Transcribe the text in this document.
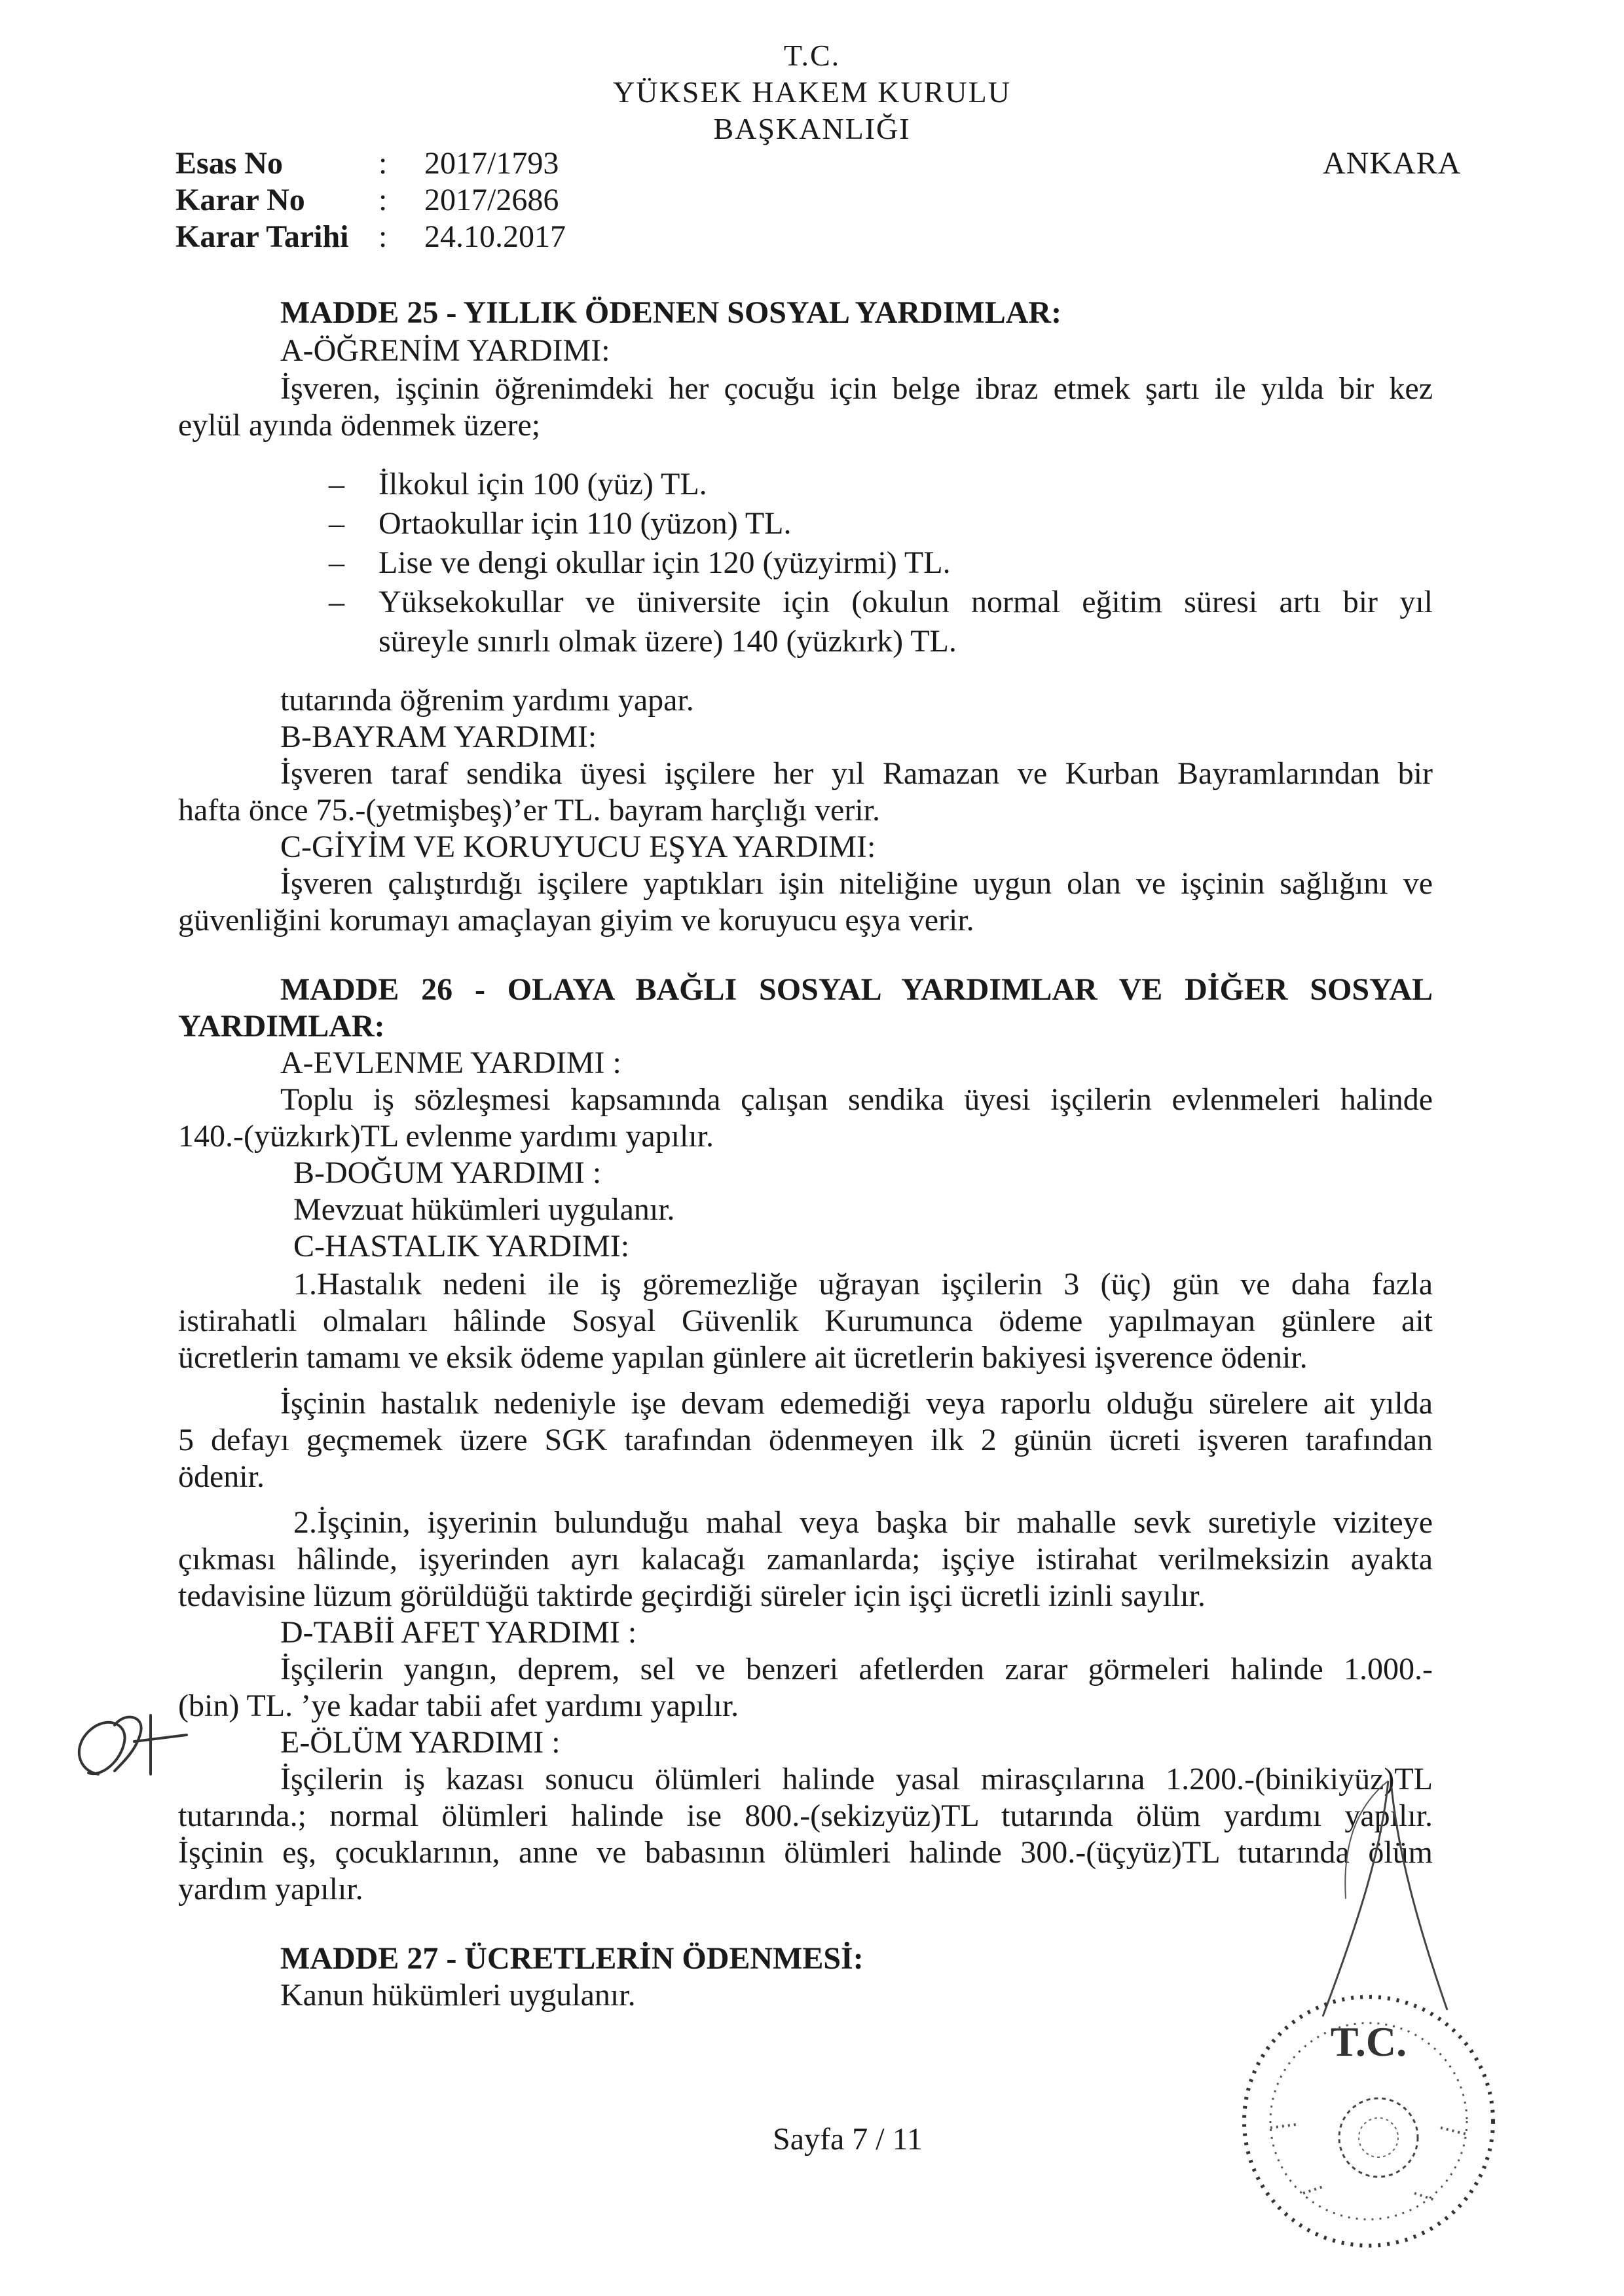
T.C.
YÜKSEK HAKEM KURULU
BAŞKANLIĞI
ANKARA
Esas No	: 2017/1793
Karar No : 2017/2686
Karar Tarihi : 24.10.2017
MADDE 25 - YILLIK ÖDENEN SOSYAL YARDIMLAR:
A-ÖĞRENİM YARDIMI:
İşveren, işçinin öğrenimdeki her çocuğu için belge ibraz etmek şartı ile yılda bir kez
eylül ayında ödenmek üzere;
– İlkokul için 100 (yüz) TL.
– Ortaokullar için 110 (yüzon) TL.
– Lise ve dengi okullar için 120 (yüzyirmi) TL.
– Yüksekokullar ve üniversite için (okulun normal eğitim süresi artı bir yıl
süreyle sınırlı olmak üzere) 140 (yüzkırk) TL.
tutarında öğrenim yardımı yapar.
B-BAYRAM YARDIMI:
İşveren taraf sendika üyesi işçilere her yıl Ramazan ve Kurban Bayramlarından bir
hafta önce 75.-(yetmişbeş)’er TL. bayram harçlığı verir.
C-GİYİM VE KORUYUCU EŞYA YARDIMI:
İşveren çalıştırdığı işçilere yaptıkları işin niteliğine uygun olan ve işçinin sağlığını ve
güvenliğini korumayı amaçlayan giyim ve koruyucu eşya verir.
MADDE 26 - OLAYA BAĞLI SOSYAL YARDIMLAR VE DİĞER SOSYAL
YARDIMLAR:
A-EVLENME YARDIMI :
Toplu iş sözleşmesi kapsamında çalışan sendika üyesi işçilerin evlenmeleri halinde
140.-(yüzkırk)TL evlenme yardımı yapılır.
B-DOĞUM YARDIMI :
Mevzuat hükümleri uygulanır.
C-HASTALIK YARDIMI:
1.Hastalık nedeni ile iş göremezliğe uğrayan işçilerin 3 (üç) gün ve daha fazla
istirahatli olmaları hâlinde Sosyal Güvenlik Kurumunca ödeme yapılmayan günlere ait
ücretlerin tamamı ve eksik ödeme yapılan günlere ait ücretlerin bakiyesi işverence ödenir.
İşçinin hastalık nedeniyle işe devam edemediği veya raporlu olduğu sürelere ait yılda
5 defayı geçmemek üzere SGK tarafından ödenmeyen ilk 2 günün ücreti işveren tarafından
ödenir.
2.İşçinin, işyerinin bulunduğu mahal veya başka bir mahalle sevk suretiyle viziteye
çıkması hâlinde, işyerinden ayrı kalacağı zamanlarda; işçiye istirahat verilmeksizin ayakta
tedavisine lüzum görüldüğü taktirde geçirdiği süreler için işçi ücretli izinli sayılır.
D-TABİİ AFET YARDIMI :
İşçilerin yangın, deprem, sel ve benzeri afetlerden zarar görmeleri halinde 1.000.-
(bin) TL. ’ye kadar tabii afet yardımı yapılır.
E-ÖLÜM YARDIMI :
İşçilerin iş kazası sonucu ölümleri halinde yasal mirasçılarına 1.200.-(binikiyüz)TL
tutarında.; normal ölümleri halinde ise 800.-(sekizyüz)TL tutarında ölüm yardımı yapılır.
İşçinin eş, çocuklarının, anne ve babasının ölümleri halinde 300.-(üçyüz)TL tutarında ölüm
yardım yapılır.
MADDE 27 - ÜCRETLERİN ÖDENMESİ:
Kanun hükümleri uygulanır.
Sayfa 7 / 11
T.C.
